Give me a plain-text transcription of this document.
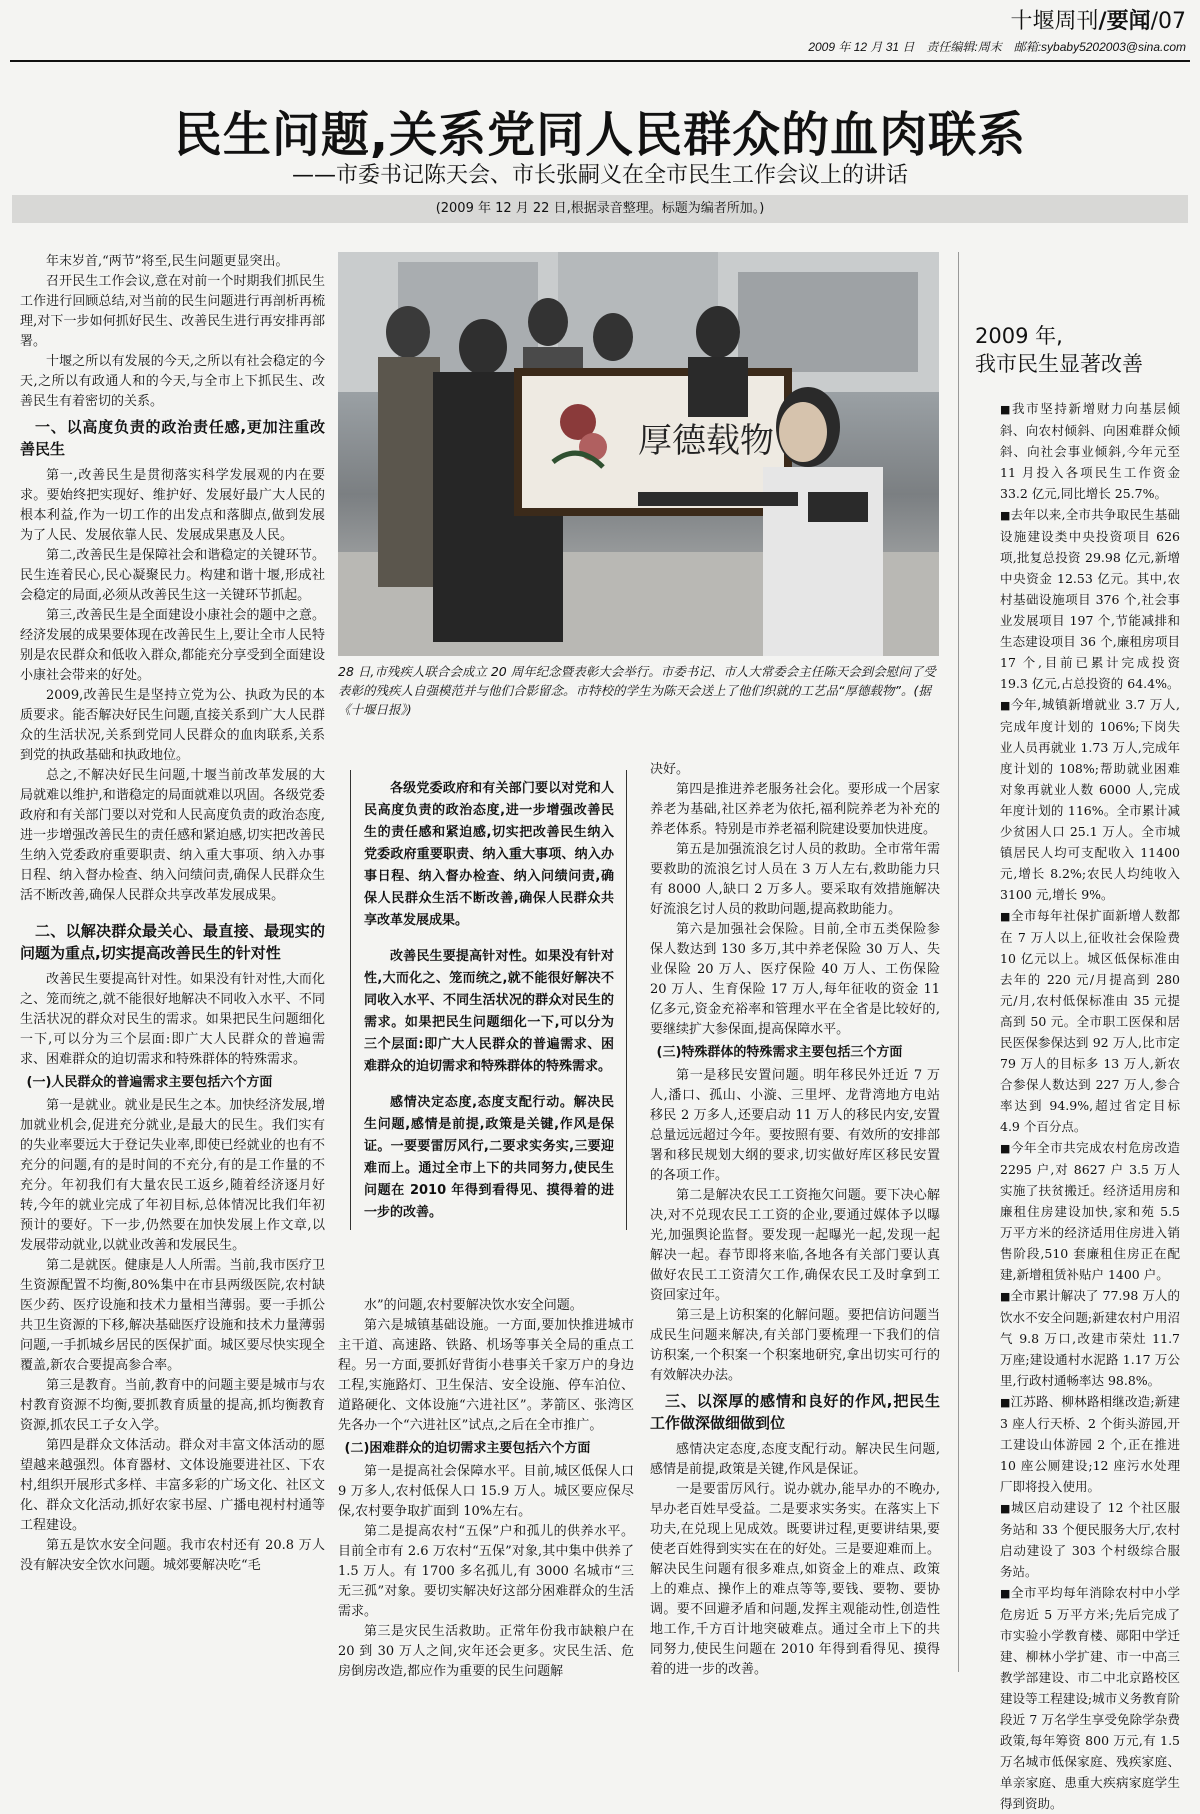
十堰周刊/要闻/07
2009 年 12 月 31 日　责任编辑:周末　邮箱:sybaby5202003@sina.com
民生问题,关系党同人民群众的血肉联系
——市委书记陈天会、市长张嗣义在全市民生工作会议上的讲话
(2009 年 12 月 22 日,根据录音整理。标题为编者所加。)

年末岁首,“两节”将至,民生问题更显突出。

召开民生工作会议,意在对前一个时期我们抓民生工作进行回顾总结,对当前的民生问题进行再剖析再梳理,对下一步如何抓好民生、改善民生进行再安排再部署。

十堰之所以有发展的今天,之所以有社会稳定的今天,之所以有政通人和的今天,与全市上下抓民生、改善民生有着密切的关系。

一、以高度负责的政治责任感,更加注重改善民生

第一,改善民生是贯彻落实科学发展观的内在要求。要始终把实现好、维护好、发展好最广大人民的根本利益,作为一切工作的出发点和落脚点,做到发展为了人民、发展依靠人民、发展成果惠及人民。

第二,改善民生是保障社会和谐稳定的关键环节。民生连着民心,民心凝聚民力。构建和谐十堰,形成社会稳定的局面,必须从改善民生这一关键环节抓起。

第三,改善民生是全面建设小康社会的题中之意。经济发展的成果要体现在改善民生上,要让全市人民特别是农民群众和低收入群众,都能充分享受到全面建设小康社会带来的好处。

2009,改善民生是坚持立党为公、执政为民的本质要求。能否解决好民生问题,直接关系到广大人民群众的生活状况,关系到党同人民群众的血肉联系,关系到党的执政基础和执政地位。

总之,不解决好民生问题,十堰当前改革发展的大局就难以维护,和谐稳定的局面就难以巩固。各级党委政府和有关部门要以对党和人民高度负责的政治态度,进一步增强改善民生的责任感和紧迫感,切实把改善民生纳入党委政府重要职责、纳入重大事项、纳入办事日程、纳入督办检查、纳入问绩问责,确保人民群众生活不断改善,确保人民群众共享改革发展成果。

二、以解决群众最关心、最直接、最现实的问题为重点,切实提高改善民生的针对性

改善民生要提高针对性。如果没有针对性,大而化之、笼而统之,就不能很好地解决不同收入水平、不同生活状况的群众对民生的需求。如果把民生问题细化一下,可以分为三个层面:即广大人民群众的普遍需求、困难群众的迫切需求和特殊群体的特殊需求。

(一)人民群众的普遍需求主要包括六个方面

第一是就业。就业是民生之本。加快经济发展,增加就业机会,促进充分就业,是最大的民生。我们实有的失业率要远大于登记失业率,即使已经就业的也有不充分的问题,有的是时间的不充分,有的是工作量的不充分。年初我们有大量农民工返乡,随着经济逐月好转,今年的就业完成了年初目标,总体情况比我们年初预计的要好。下一步,仍然要在加快发展上作文章,以发展带动就业,以就业改善和发展民生。

第二是就医。健康是人人所需。当前,我市医疗卫生资源配置不均衡,80%集中在市县两级医院,农村缺医少药、医疗设施和技术力量相当薄弱。要一手抓公共卫生资源的下移,解决基础医疗设施和技术力量薄弱问题,一手抓城乡居民的医保扩面。城区要尽快实现全覆盖,新农合要提高参合率。

第三是教育。当前,教育中的问题主要是城市与农村教育资源不均衡,要抓教育质量的提高,抓均衡教育资源,抓农民工子女入学。

第四是群众文体活动。群众对丰富文体活动的愿望越来越强烈。体育器材、文体设施要进社区、下农村,组织开展形式多样、丰富多彩的广场文化、社区文化、群众文化活动,抓好农家书屋、广播电视村村通等工程建设。

第五是饮水安全问题。我市农村还有 20.8 万人没有解决安全饮水问题。城郊要解决吃“毛

厚德载物
28 日,市残疾人联合会成立 20 周年纪念暨表彰大会举行。市委书记、市人大常委会主任陈天会到会慰问了受表彰的残疾人自强模范并与他们合影留念。市特校的学生为陈天会送上了他们织就的工艺品“厚德载物”。(据《十堰日报》)

各级党委政府和有关部门要以对党和人民高度负责的政治态度,进一步增强改善民生的责任感和紧迫感,切实把改善民生纳入党委政府重要职责、纳入重大事项、纳入办事日程、纳入督办检查、纳入问绩问责,确保人民群众生活不断改善,确保人民群众共享改革发展成果。

改善民生要提高针对性。如果没有针对性,大而化之、笼而统之,就不能很好解决不同收入水平、不同生活状况的群众对民生的需求。如果把民生问题细化一下,可以分为三个层面:即广大人民群众的普遍需求、困难群众的迫切需求和特殊群体的特殊需求。

感情决定态度,态度支配行动。解决民生问题,感情是前提,政策是关键,作风是保证。一要要雷厉风行,二要求实务实,三要迎难而上。通过全市上下的共同努力,使民生问题在 2010 年得到看得见、摸得着的进一步的改善。

水”的问题,农村要解决饮水安全问题。

第六是城镇基础设施。一方面,要加快推进城市主干道、高速路、铁路、机场等事关全局的重点工程。另一方面,要抓好背街小巷事关千家万户的身边工程,实施路灯、卫生保洁、安全设施、停车泊位、道路硬化、文体设施“六进社区”。茅箭区、张湾区先各办一个“六进社区”试点,之后在全市推广。

(二)困难群众的迫切需求主要包括六个方面

第一是提高社会保障水平。目前,城区低保人口 9 万多人,农村低保人口 15.9 万人。城区要应保尽保,农村要争取扩面到 10%左右。

第二是提高农村“五保”户和孤儿的供养水平。目前全市有 2.6 万农村“五保”对象,其中集中供养了 1.5 万人。有 1700 多名孤儿,有 3000 名城市“三无三孤”对象。要切实解决好这部分困难群众的生活需求。

第三是灾民生活救助。正常年份我市缺粮户在 20 到 30 万人之间,灾年还会更多。灾民生活、危房倒房改造,都应作为重要的民生问题解

决好。

第四是推进养老服务社会化。要形成一个居家养老为基础,社区养老为依托,福利院养老为补充的养老体系。特别是市养老福利院建设要加快进度。

第五是加强流浪乞讨人员的救助。全市常年需要救助的流浪乞讨人员在 3 万人左右,救助能力只有 8000 人,缺口 2 万多人。要采取有效措施解决好流浪乞讨人员的救助问题,提高救助能力。

第六是加强社会保险。目前,全市五类保险参保人数达到 130 多万,其中养老保险 30 万人、失业保险 20 万人、医疗保险 40 万人、工伤保险 20 万人、生育保险 17 万人,每年征收的资金 11 亿多元,资金充裕率和管理水平在全省是比较好的,要继续扩大参保面,提高保障水平。

(三)特殊群体的特殊需求主要包括三个方面

第一是移民安置问题。明年移民外迁近 7 万人,潘口、孤山、小漩、三里坪、龙背湾地方电站移民 2 万多人,还要启动 11 万人的移民内安,安置总量远远超过今年。要按照有要、有效所的安排部署和移民规划大纲的要求,切实做好库区移民安置的各项工作。

第二是解决农民工工资拖欠问题。要下决心解决,对不兑现农民工工资的企业,要通过媒体予以曝光,加强舆论监督。要发现一起曝光一起,发现一起解决一起。春节即将来临,各地各有关部门要认真做好农民工工资清欠工作,确保农民工及时拿到工资回家过年。

第三是上访积案的化解问题。要把信访问题当成民生问题来解决,有关部门要梳理一下我们的信访积案,一个积案一个积案地研究,拿出切实可行的有效解决办法。

三、以深厚的感情和良好的作风,把民生工作做深做细做到位

感情决定态度,态度支配行动。解决民生问题,感情是前提,政策是关键,作风是保证。

一是要雷厉风行。说办就办,能早办的不晚办,早办老百姓早受益。二是要求实务实。在落实上下功夫,在兑现上见成效。既要讲过程,更要讲结果,要使老百姓得到实实在在的好处。三是要迎难而上。解决民生问题有很多难点,如资金上的难点、政策上的难点、操作上的难点等等,要钱、要物、要协调。要不回避矛盾和问题,发挥主观能动性,创造性地工作,千方百计地突破难点。通过全市上下的共同努力,使民生问题在 2010 年得到看得见、摸得着的进一步的改善。

2009 年,
我市民生显著改善

■我市坚持新增财力向基层倾斜、向农村倾斜、向困难群众倾斜、向社会事业倾斜,今年元至 11 月投入各项民生工作资金 33.2 亿元,同比增长 25.7%。

■去年以来,全市共争取民生基础设施建设类中央投资项目 626 项,批复总投资 29.98 亿元,新增中央资金 12.53 亿元。其中,农村基础设施项目 376 个,社会事业发展项目 197 个,节能减排和生态建设项目 36 个,廉租房项目 17 个,目前已累计完成投资 19.3 亿元,占总投资的 64.4%。

■今年,城镇新增就业 3.7 万人,完成年度计划的 106%;下岗失业人员再就业 1.73 万人,完成年度计划的 108%;帮助就业困难对象再就业人数 6000 人,完成年度计划的 116%。全市累计减少贫困人口 25.1 万人。全市城镇居民人均可支配收入 11400 元,增长 8.2%;农民人均纯收入 3100 元,增长 9%。

■全市每年社保扩面新增人数都在 7 万人以上,征收社会保险费 10 亿元以上。城区低保标准由去年的 220 元/月提高到 280 元/月,农村低保标准由 35 元提高到 50 元。全市职工医保和居民医保参保达到 92 万人,比市定 79 万人的目标多 13 万人,新农合参保人数达到 227 万人,参合率达到 94.9%,超过省定目标 4.9 个百分点。

■今年全市共完成农村危房改造 2295 户,对 8627 户 3.5 万人实施了扶贫搬迁。经济适用房和廉租住房建设加快,家和苑 5.5 万平方米的经济适用住房进入销售阶段,510 套廉租住房正在配建,新增租赁补贴户 1400 户。

■全市累计解决了 77.98 万人的饮水不安全问题;新建农村户用沼气 9.8 万口,改建市荣灶 11.7 万座;建设通村水泥路 1.17 万公里,行政村通畅率达 98.8%。

■江苏路、柳林路相继改造;新建 3 座人行天桥、2 个街头游园,开工建设山体游园 2 个,正在推进 10 座公厕建设;12 座污水处理厂即将投入使用。

■城区启动建设了 12 个社区服务站和 33 个便民服务大厅,农村启动建设了 303 个村级综合服务站。

■全市平均每年消除农村中小学危房近 5 万平方米;先后完成了市实验小学教育楼、郧阳中学迁建、柳林小学扩建、市一中高三教学部建设、市二中北京路校区建设等工程建设;城市义务教育阶段近 7 万名学生享受免除学杂费政策,每年筹资 800 万元,有 1.5 万名城市低保家庭、残疾家庭、单亲家庭、患重大疾病家庭学生得到资助。
